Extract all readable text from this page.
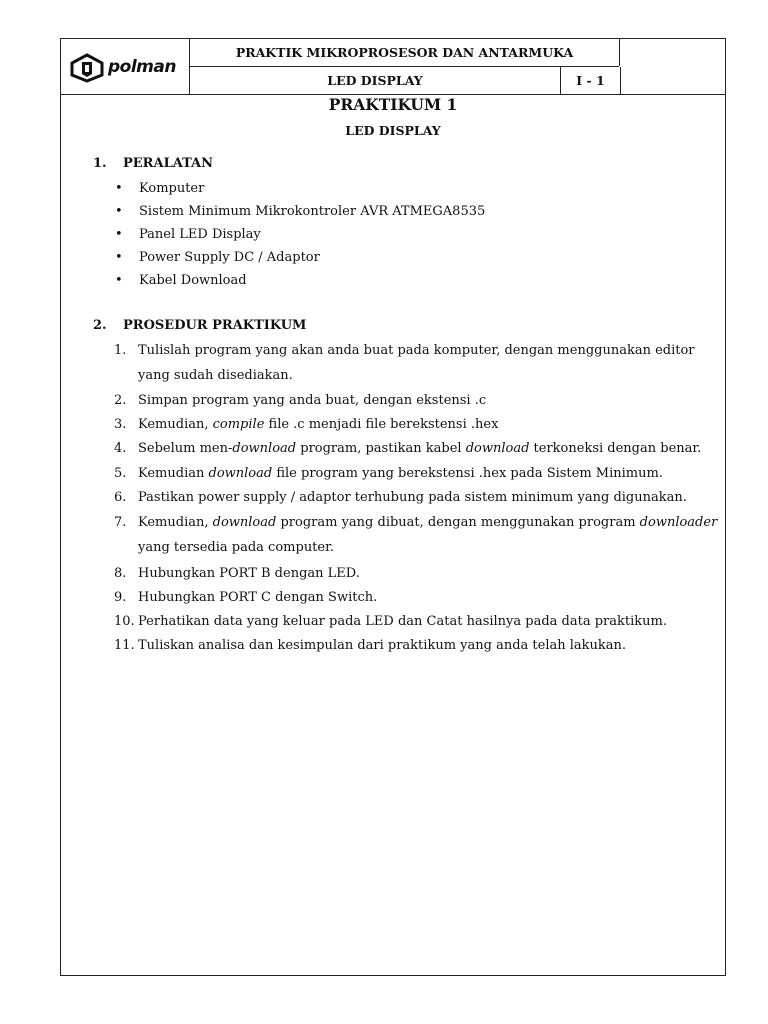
polman
PRAKTIK MIKROPROSESOR DAN ANTARMUKA
LED DISPLAY	I - 1
PRAKTIKUM 1
LED DISPLAY
1. PERALATAN
• Komputer
• Sistem Minimum Mikrokontroler AVR ATMEGA8535
• Panel LED Display
• Power Supply DC / Adaptor
• Kabel Download
2. PROSEDUR PRAKTIKUM
1. Tulislah program yang akan anda buat pada komputer, dengan menggunakan editor
yang sudah disediakan.
2. Simpan program yang anda buat, dengan ekstensi .c
3. Kemudian, compile file .c menjadi file berekstensi .hex
4. Sebelum men-download program, pastikan kabel download terkoneksi dengan benar.
5. Kemudian download file program yang berekstensi .hex pada Sistem Minimum.
6. Pastikan power supply / adaptor terhubung pada sistem minimum yang digunakan.
7. Kemudian, download program yang dibuat, dengan menggunakan program downloader
yang tersedia pada computer.
8. Hubungkan PORT B dengan LED.
9. Hubungkan PORT C dengan Switch.
10. Perhatikan data yang keluar pada LED dan Catat hasilnya pada data praktikum.
11. Tuliskan analisa dan kesimpulan dari praktikum yang anda telah lakukan.
